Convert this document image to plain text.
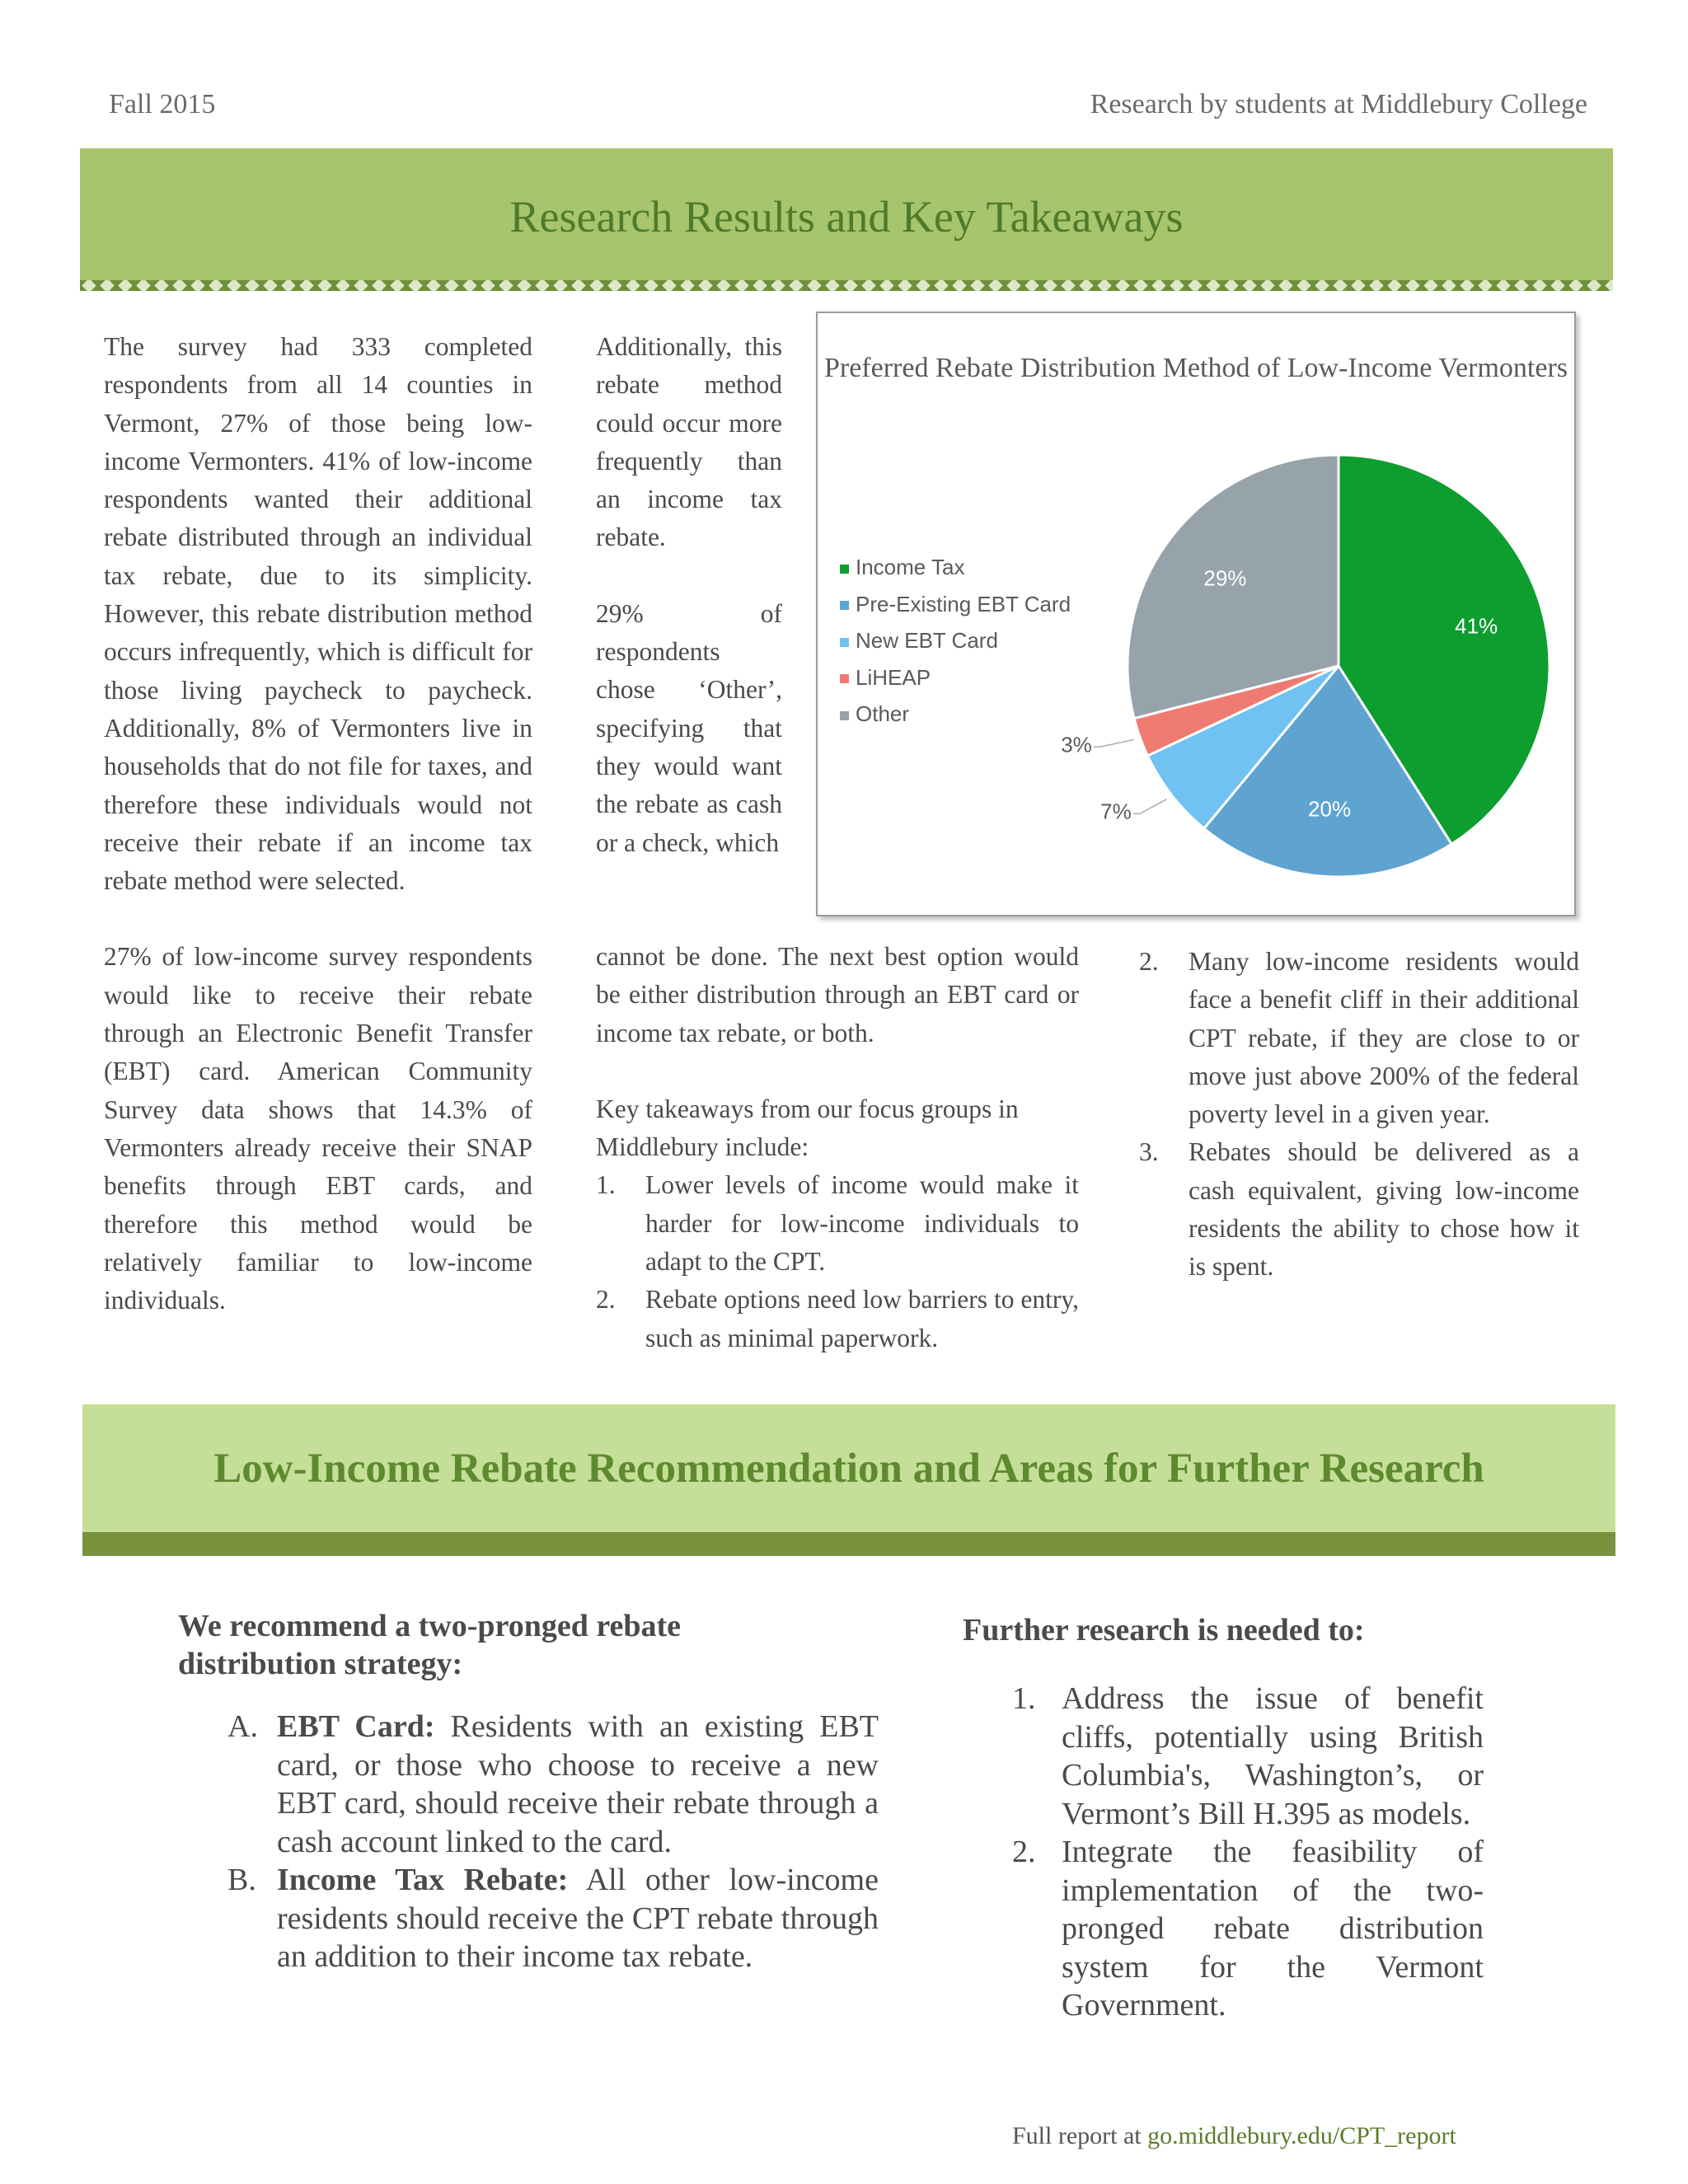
Fall 2015	Research by students at Middlebury College
Research Results and Key Takeaways

The survey had 333 completed respondents from all 14 counties in Vermont, 27% of those being low-income Vermonters. 41% of low-income respondents wanted their additional rebate distributed through an individual tax rebate, due to its simplicity. However, this rebate distribution method occurs infrequently, which is difficult for those living paycheck to paycheck. Additionally, 8% of Vermonters live in households that do not file for taxes, and therefore these individuals would not receive their rebate if an income tax rebate method were selected.

27% of low-income survey respondents would like to receive their rebate through an Electronic Benefit Transfer (EBT) card. American Community Survey data shows that 14.3% of Vermonters already receive their SNAP benefits through EBT cards, and therefore this method would be relatively familiar to low-income individuals.

Additionally, this rebate method could occur more frequently than an income tax rebate.

29% of respondents chose ‘Other’, specifying that they would want the rebate as cash or a check, which

cannot be done. The next best option would be either distribution through an EBT card or income tax rebate, or both.

Key takeaways from our focus groups in Middlebury include:

1. Lower levels of income would make it harder for low-income individuals to adapt to the CPT.
2. Rebate options need low barriers to entry, such as minimal paperwork.
2. Many low-income residents would face a benefit cliff in their additional CPT rebate, if they are close to or move just above 200% of the federal poverty level in a given year.
3. Rebates should be delivered as a cash equivalent, giving low-income residents the ability to chose how it is spent.
Preferred Rebate Distribution Method of Low-Income Vermonters
Income Tax
Pre-Existing EBT Card
New EBT Card
LiHEAP
Other
41%
20%
7%
3%
29%
Low-Income Rebate Recommendation and Areas for Further Research
We recommend a two-pronged rebate distribution strategy:
A. EBT Card: Residents with an existing EBT card, or those who choose to receive a new EBT card, should receive their rebate through a cash account linked to the card.
B. Income Tax Rebate: All other low-income residents should receive the CPT rebate through an addition to their income tax rebate.
Further research is needed to:
1. Address the issue of benefit cliffs, potentially using British Columbia's, Washington’s, or Vermont’s Bill H.395 as models.
2. Integrate the feasibility of implementation of the two-pronged rebate distribution system for the Vermont Government.
Full report at go.middlebury.edu/CPT_report
